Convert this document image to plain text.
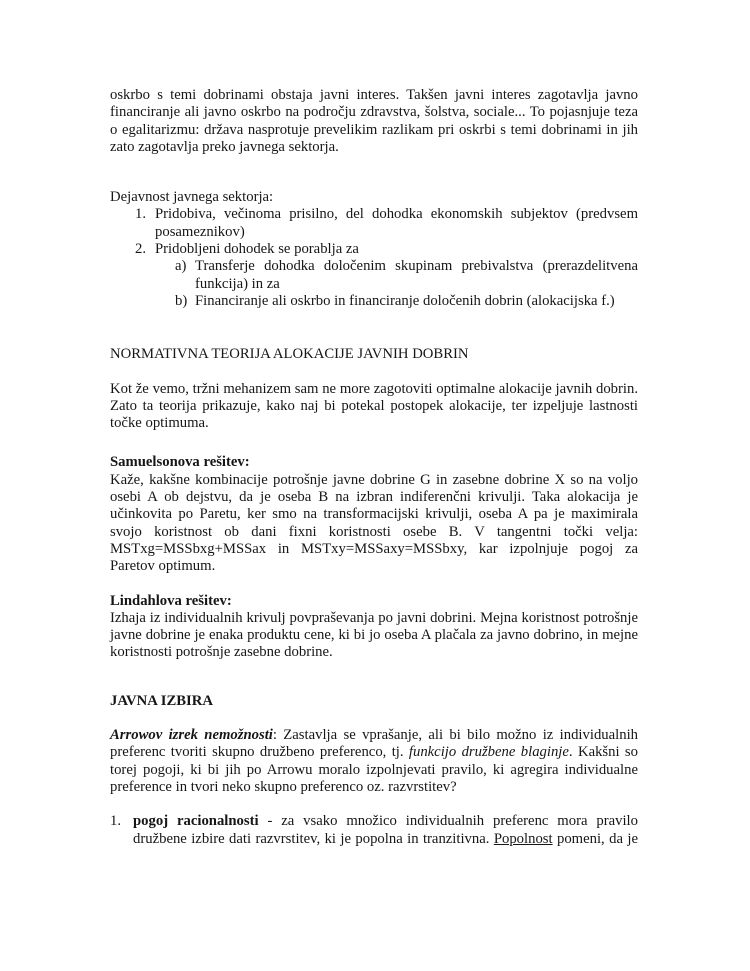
oskrbo s temi dobrinami obstaja javni interes. Takšen javni interes zagotavlja javno financiranje ali javno oskrbo na področju zdravstva, šolstva, sociale... To pojasnjuje teza o egalitarizmu: država nasprotuje prevelikim razlikam pri oskrbi s temi dobrinami in jih zato zagotavlja preko javnega sektorja.

Dejavnost javnega sektorja:

1. Pridobiva, večinoma prisilno, del dohodka ekonomskih subjektov (predvsem posameznikov)
2. Pridobljeni dohodek se porablja za
a) Transferje dohodka določenim skupinam prebivalstva (prerazdelitvena funkcija) in za
b) Financiranje ali oskrbo in financiranje določenih dobrin (alokacijska f.)

NORMATIVNA TEORIJA ALOKACIJE JAVNIH DOBRIN

Kot že vemo, tržni mehanizem sam ne more zagotoviti optimalne alokacije javnih dobrin. Zato ta teorija prikazuje, kako naj bi potekal postopek alokacije, ter izpeljuje lastnosti točke optimuma.

Samuelsonova rešitev:

Kaže, kakšne kombinacije potrošnje javne dobrine G in zasebne dobrine X so na voljo osebi A ob dejstvu, da je oseba B na izbran indiferenčni krivulji. Taka alokacija je učinkovita po Paretu, ker smo na transformacijski krivulji, oseba A pa je maximirala svojo koristnost ob dani fixni koristnosti osebe B. V tangentni točki velja: MSTxg=MSSbxg+MSSax in MSTxy=MSSaxy=MSSbxy, kar izpolnjuje pogoj za Paretov optimum.

Lindahlova rešitev:

Izhaja iz individualnih krivulj povpraševanja po javni dobrini. Mejna koristnost potrošnje javne dobrine je enaka produktu cene, ki bi jo oseba A plačala za javno dobrino, in mejne koristnosti potrošnje zasebne dobrine.

JAVNA IZBIRA

Arrowov izrek nemožnosti: Zastavlja se vprašanje, ali bi bilo možno iz individualnih preferenc tvoriti skupno družbeno preferenco, tj. funkcijo družbene blaginje. Kakšni so torej pogoji, ki bi jih po Arrowu moralo izpolnjevati pravilo, ki agregira individualne preference in tvori neko skupno preferenco oz. razvrstitev?

1. pogoj racionalnosti - za vsako množico individualnih preferenc mora pravilo družbene izbire dati razvrstitev, ki je popolna in tranzitivna. Popolnost pomeni, da je
